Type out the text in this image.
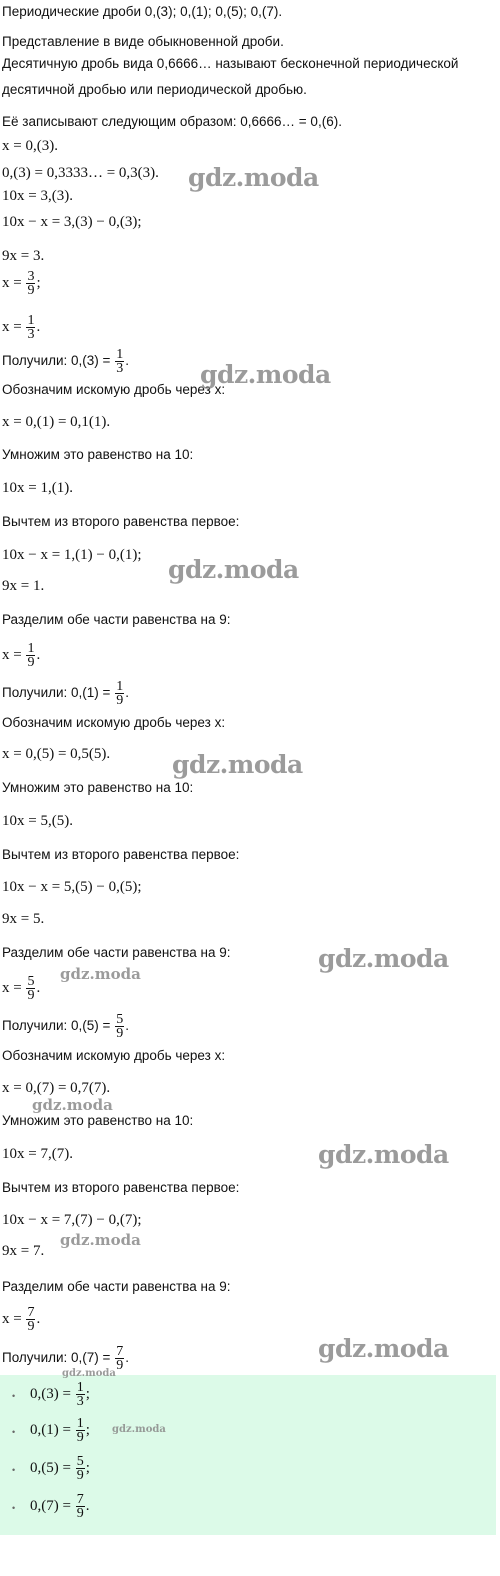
Периодические дроби 0,(3); 0,(1); 0,(5); 0,(7).
Представление в виде обыкновенной дроби.
Десятичную дробь вида 0,6666… называют бесконечной периодической
десятичной дробью или периодической дробью.
Её записывают следующим образом: 0,6666… = 0,(6).
x = 0,(3).
0,(3) = 0,3333… = 0,3(3).
10x = 3,(3).
10x − x = 3,(3) − 0,(3);
9x = 3.
$x = \frac{3}{9}$ ;
$x = \frac{1}{3}$ .
Получили: $0,(3) = \frac{1}{3}$ .
Обозначим искомую дробь через x:
x = 0,(1) = 0,1(1).
Умножим это равенство на 10:
10x = 1,(1).
Вычтем из второго равенства первое:
10x − x = 1,(1) − 0,(1);
9x = 1.
Разделим обе части равенства на 9:
$x = \frac{1}{9}$ .
Получили: $0,(1) = \frac{1}{9}$ .
Обозначим искомую дробь через x:
x = 0,(5) = 0,5(5).
Умножим это равенство на 10:
10x = 5,(5).
Вычтем из второго равенства первое:
10x − x = 5,(5) − 0,(5);
9x = 5.
Разделим обе части равенства на 9:
$x = \frac{5}{9}$ .
Получили: $0,(5) = \frac{5}{9}$ .
Обозначим искомую дробь через x:
x = 0,(7) = 0,7(7).
Умножим это равенство на 10:
10x = 7,(7).
Вычтем из второго равенства первое:
10x − x = 7,(7) − 0,(7);
9x = 7.
Разделим обе части равенства на 9:
$x = \frac{7}{9}$ .
Получили: $0,(7) = \frac{7}{9}$ .
• $0,(3) = \frac{1}{3}$ ;
• $0,(1) = \frac{1}{9}$ ;
• $0,(5) = \frac{5}{9}$ ;
• $0,(7) = \frac{7}{9}$ .
gdz.moda
gdz.moda
gdz.moda
gdz.moda
gdz.moda
gdz.moda
gdz.moda
gdz.moda
gdz.moda
gdz.moda
gdz.moda
gdz.moda
